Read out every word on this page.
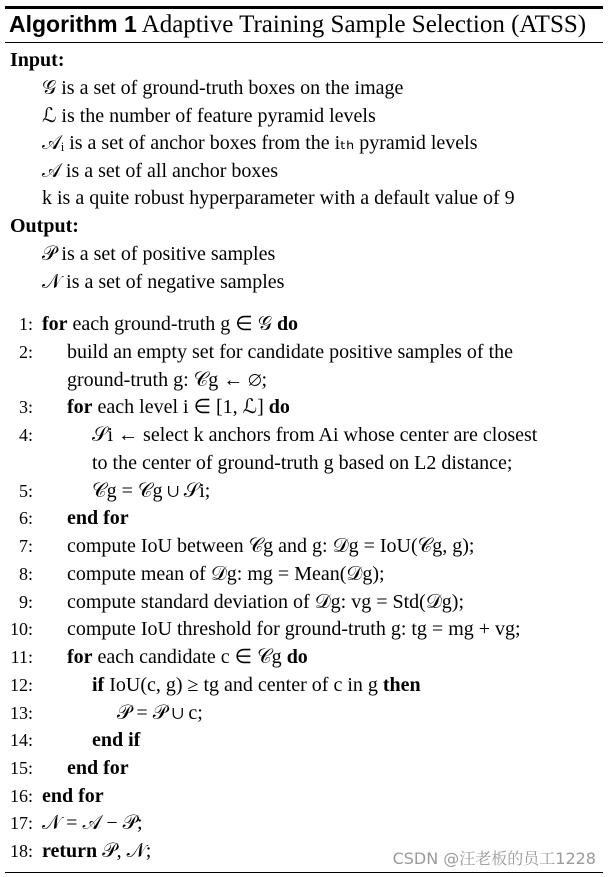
Algorithm 1 Adaptive Training Sample Selection (ATSS)
Input:
𝒢 is a set of ground-truth boxes on the image
ℒ is the number of feature pyramid levels
𝒜ᵢ is a set of anchor boxes from the iₜₕ pyramid levels
𝒜 is a set of all anchor boxes
k is a quite robust hyperparameter with a default value of 9
Output:
𝒫 is a set of positive samples
𝒩 is a set of negative samples
1: for each ground-truth g ∈ 𝒢 do
2: build an empty set for candidate positive samples of the
ground-truth g: 𝒞g ← ∅;
3: for each level i ∈ [1, ℒ] do
4:	𝒮i ← select k anchors from Ai whose center are closest
to the center of ground-truth g based on L2 distance;
5:	𝒞g = 𝒞g ∪ 𝒮i;
6: end for
7: compute IoU between 𝒞g and g: 𝒟g = IoU(𝒞g, g);
8: compute mean of 𝒟g: mg = Mean(𝒟g);
9: compute standard deviation of 𝒟g: vg = Std(𝒟g);
10: compute IoU threshold for ground-truth g: tg = mg + vg;
11: for each candidate c ∈ 𝒞g do
12:	if IoU(c, g) ≥ tg and center of c in g then
13:	𝒫 = 𝒫 ∪ c;
14:	end if
15: end for
16: end for
17: 𝒩 = 𝒜 − 𝒫;
18: return 𝒫, 𝒩;	CSDN @汪老板的员工1228
